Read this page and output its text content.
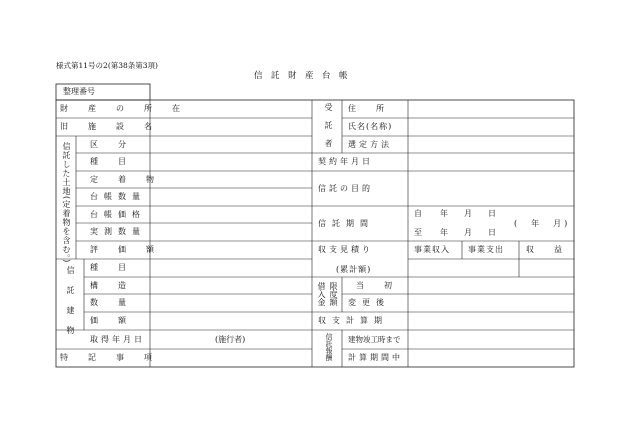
様式第11号の2(第38条第3項)
信　託　財　産　台　帳
整理番号
財　産　の　所　在
旧　施　設　名
信託した土地(定着物を含む。) 区　分
種　目
定　着　物
台帳数量
台帳価格
実測数量
評　価　額
信託建物 種　目
構　造
数　量
価　額
取得年月日	(施行者)
特　記　事　項
受託者 住　所
氏名(名称)
選定方法
契約年月日
信託の目的
信託期間
自 年 月 日
至 年 月 日
(　年　月)
収支見積り
(累計額)
事業収入 事業支出	収　益
借入金 限度額 当　初
変更後
収支計算期
信託報酬 建物竣工時まで
計算期間中
